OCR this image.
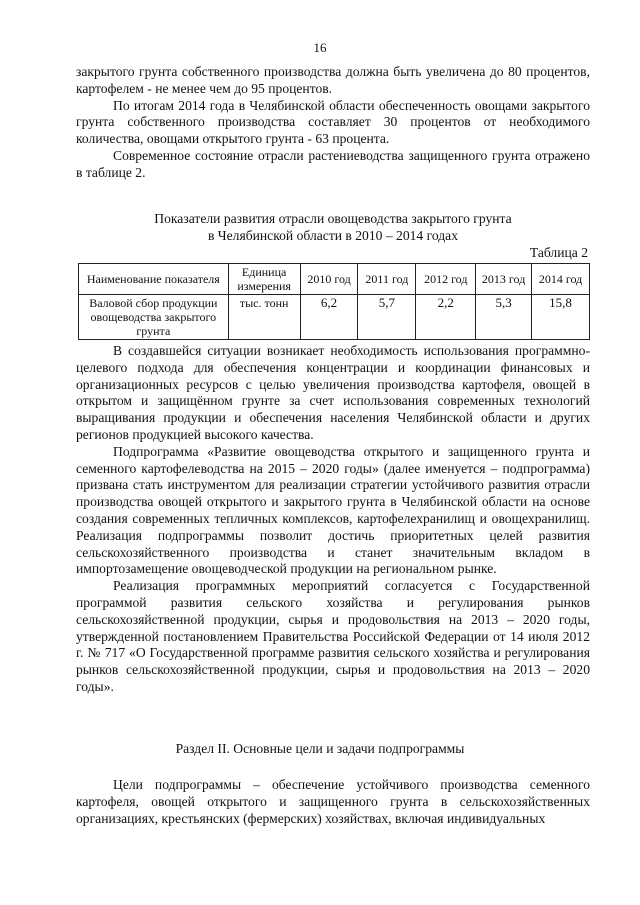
16

закрытого грунта собственного производства должна быть увеличена до 80 процентов, картофелем - не менее чем до 95 процентов.

По итогам 2014 года в Челябинской области обеспеченность овощами закрытого грунта собственного производства составляет 30 процентов от необходимого количества, овощами открытого грунта - 63 процента.

Современное состояние отрасли растениеводства защищенного грунта отражено в таблице 2.

Показатели развития отрасли овощеводства закрытого грунта
в Челябинской области в 2010 – 2014 годах
Таблица 2
Наименование показателя	Единица измерения	2010 год	2011 год	2012 год	2013 год	2014 год
Валовой сбор продукции овощеводства закрытого грунта	тыс. тонн	6,2	5,7	2,2	5,3	15,8

В создавшейся ситуации возникает необходимость использования программно-целевого подхода для обеспечения концентрации и координации финансовых и организационных ресурсов с целью увеличения производства картофеля, овощей в открытом и защищённом грунте за счет использования современных технологий выращивания продукции и обеспечения населения Челябинской области и других регионов продукцией высокого качества.

Подпрограмма «Развитие овощеводства открытого и защищенного грунта и семенного картофелеводства на 2015 – 2020 годы» (далее именуется – подпрограмма) призвана стать инструментом для реализации стратегии устойчивого развития отрасли производства овощей открытого и закрытого грунта в Челябинской области на основе создания современных тепличных комплексов, картофелехранилищ и овощехранилищ. Реализация подпрограммы позволит достичь приоритетных целей развития сельскохозяйственного производства и станет значительным вкладом в импортозамещение овощеводческой продукции на региональном рынке.

Реализация программных мероприятий согласуется с Государственной программой развития сельского хозяйства и регулирования рынков сельскохозяйственной продукции, сырья и продовольствия на 2013 – 2020 годы, утвержденной постановлением Правительства Российской Федерации от 14 июля 2012 г. № 717 «О Государственной программе развития сельского хозяйства и регулирования рынков сельскохозяйственной продукции, сырья и продовольствия на 2013 – 2020 годы».

Раздел II. Основные цели и задачи подпрограммы

Цели подпрограммы – обеспечение устойчивого производства семенного картофеля, овощей открытого и защищенного грунта в сельскохозяйственных организациях, крестьянских (фермерских) хозяйствах, включая индивидуальных
